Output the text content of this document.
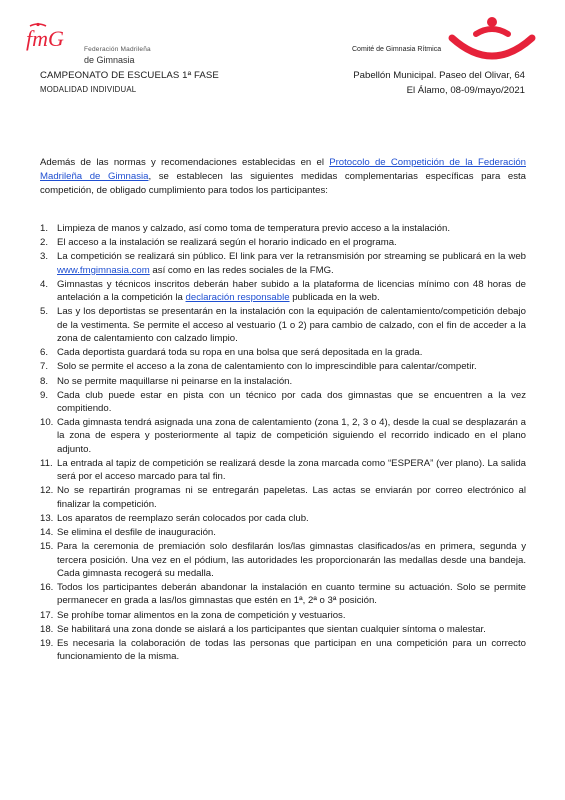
fmG	Federación Madrileña
de Gimnasia
Comité de Gimnasia Rítmica
CAMPEONATO DE ESCUELAS 1ª FASE
MODALIDAD INDIVIDUAL
Pabellón Municipal. Paseo del Olivar, 64
El Álamo, 08-09/mayo/2021

Además de las normas y recomendaciones establecidas en el Protocolo de Competición de la Federación Madrileña de Gimnasia, se establecen las siguientes medidas complementarias específicas para esta competición, de obligado cumplimiento para todos los participantes:

1. Limpieza de manos y calzado, así como toma de temperatura previo acceso a la instalación.
2. El acceso a la instalación se realizará según el horario indicado en el programa.
3. La competición se realizará sin público. El link para ver la retransmisión por streaming se publicará en la web www.fmgimnasia.com así como en las redes sociales de la FMG.
4. Gimnastas y técnicos inscritos deberán haber subido a la plataforma de licencias mínimo con 48 horas de antelación a la competición la declaración responsable publicada en la web.
5. Las y los deportistas se presentarán en la instalación con la equipación de calentamiento/competición debajo de la vestimenta. Se permite el acceso al vestuario (1 o 2) para cambio de calzado, con el fin de acceder a la zona de calentamiento con calzado limpio.
6. Cada deportista guardará toda su ropa en una bolsa que será depositada en la grada.
7. Solo se permite el acceso a la zona de calentamiento con lo imprescindible para calentar/competir.
8. No se permite maquillarse ni peinarse en la instalación.
9. Cada club puede estar en pista con un técnico por cada dos gimnastas que se encuentren a la vez compitiendo.
10. Cada gimnasta tendrá asignada una zona de calentamiento (zona 1, 2, 3 o 4), desde la cual se desplazarán a la zona de espera y posteriormente al tapiz de competición siguiendo el recorrido indicado en el plano adjunto.
11. La entrada al tapiz de competición se realizará desde la zona marcada como “ESPERA” (ver plano). La salida será por el acceso marcado para tal fin.
12. No se repartirán programas ni se entregarán papeletas. Las actas se enviarán por correo electrónico al finalizar la competición.
13. Los aparatos de reemplazo serán colocados por cada club.
14. Se elimina el desfile de inauguración.
15. Para la ceremonia de premiación solo desfilarán los/las gimnastas clasificados/as en primera, segunda y tercera posición. Una vez en el pódium, las autoridades les proporcionarán las medallas desde una bandeja. Cada gimnasta recogerá su medalla.
16. Todos los participantes deberán abandonar la instalación en cuanto termine su actuación. Solo se permite permanecer en grada a las/los gimnastas que estén en 1ª, 2ª o 3ª posición.
17. Se prohíbe tomar alimentos en la zona de competición y vestuarios.
18. Se habilitará una zona donde se aislará a los participantes que sientan cualquier síntoma o malestar.
19. Es necesaria la colaboración de todas las personas que participan en una competición para un correcto funcionamiento de la misma.
